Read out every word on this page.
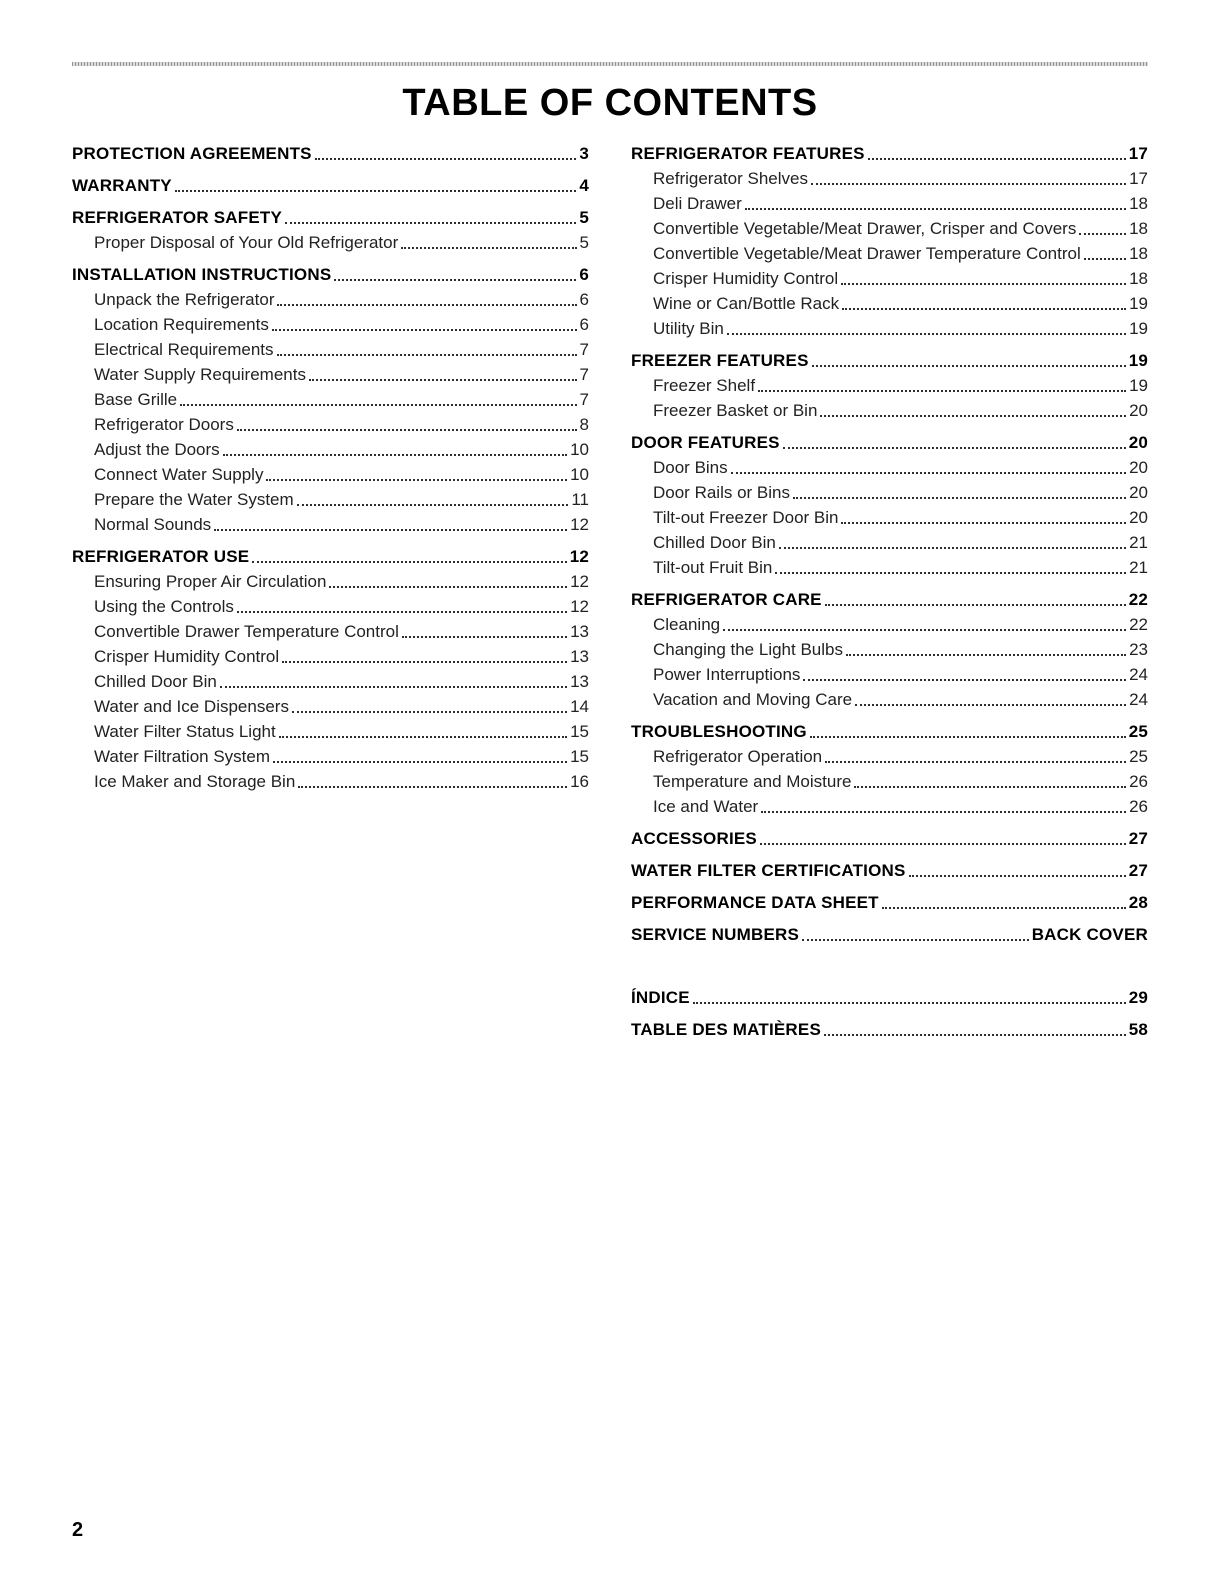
TABLE OF CONTENTS
PROTECTION AGREEMENTS	3
WARRANTY	4
REFRIGERATOR SAFETY	5
Proper Disposal of Your Old Refrigerator	5
INSTALLATION INSTRUCTIONS	6
Unpack the Refrigerator	6
Location Requirements	6
Electrical Requirements	7
Water Supply Requirements	7
Base Grille	7
Refrigerator Doors	8
Adjust the Doors	10
Connect Water Supply	10
Prepare the Water System	11
Normal Sounds	12
REFRIGERATOR USE	12
Ensuring Proper Air Circulation	12
Using the Controls	12
Convertible Drawer Temperature Control	13
Crisper Humidity Control	13
Chilled Door Bin	13
Water and Ice Dispensers	14
Water Filter Status Light	15
Water Filtration System	15
Ice Maker and Storage Bin	16
REFRIGERATOR FEATURES	17
Refrigerator Shelves	17
Deli Drawer	18
Convertible Vegetable/Meat Drawer, Crisper and Covers	18
Convertible Vegetable/Meat Drawer Temperature Control	18
Crisper Humidity Control	18
Wine or Can/Bottle Rack	19
Utility Bin	19
FREEZER FEATURES	19
Freezer Shelf	19
Freezer Basket or Bin	20
DOOR FEATURES	20
Door Bins	20
Door Rails or Bins	20
Tilt-out Freezer Door Bin	20
Chilled Door Bin	21
Tilt-out Fruit Bin	21
REFRIGERATOR CARE	22
Cleaning	22
Changing the Light Bulbs	23
Power Interruptions	24
Vacation and Moving Care	24
TROUBLESHOOTING	25
Refrigerator Operation	25
Temperature and Moisture	26
Ice and Water	26
ACCESSORIES	27
WATER FILTER CERTIFICATIONS	27
PERFORMANCE DATA SHEET	28
SERVICE NUMBERS	BACK COVER
ÍNDICE	29
TABLE DES MATIÈRES	58
2
